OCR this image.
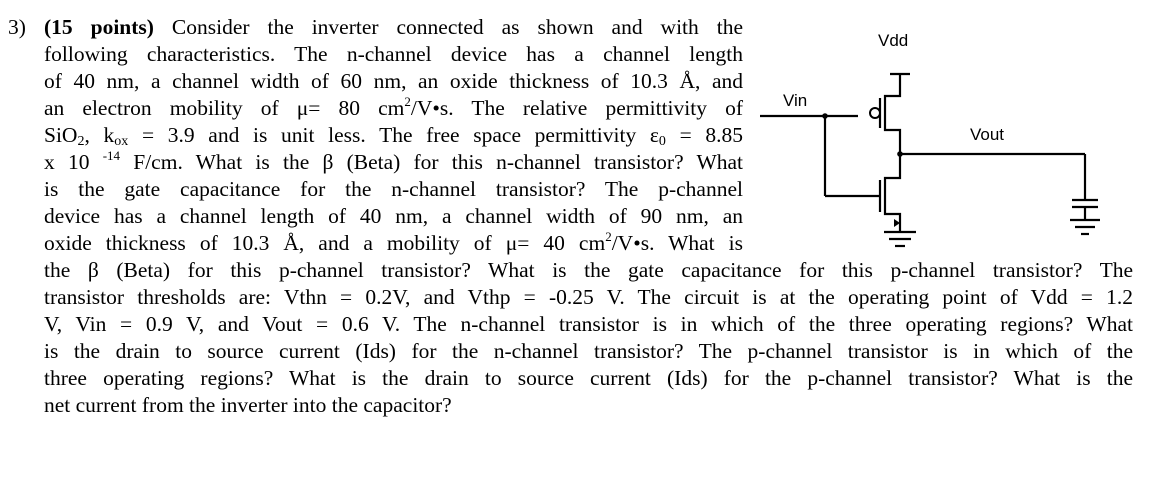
3) (15 points) Consider the inverter connected as shown and with the
following characteristics. The n-channel device has a channel length
of 40 nm, a channel width of 60 nm, an oxide thickness of 10.3 Å, and
an electron mobility of μ= 80 $cm^2/V•s$. The relative permittivity of
SiO$_2$, $k_{ox} = 3.9$ and is unit less. The free space permittivity $\varepsilon_0 = 8.85$
x 10 $^{-14}$ F/cm. What is the β (Beta) for this n-channel transistor? What
is the gate capacitance for the n-channel transistor? The p-channel
device has a channel length of 40 nm, a channel width of 90 nm, an
oxide thickness of 10.3 Å, and a mobility of μ= 40 $cm^2/V•s$. What is
the β (Beta) for this p-channel transistor? What is the gate capacitance for this p-channel transistor? The
transistor thresholds are: Vthn = 0.2V, and Vthp = -0.25 V. The circuit is at the operating point of Vdd = 1.2
V, Vin = 0.9 V, and Vout = 0.6 V. The n-channel transistor is in which of the three operating regions? What
is the drain to source current (Ids) for the n-channel transistor? The p-channel transistor is in which of the
three operating regions? What is the drain to source current (Ids) for the p-channel transistor? What is the
net current from the inverter into the capacitor?
Vdd
Vin
Vout
